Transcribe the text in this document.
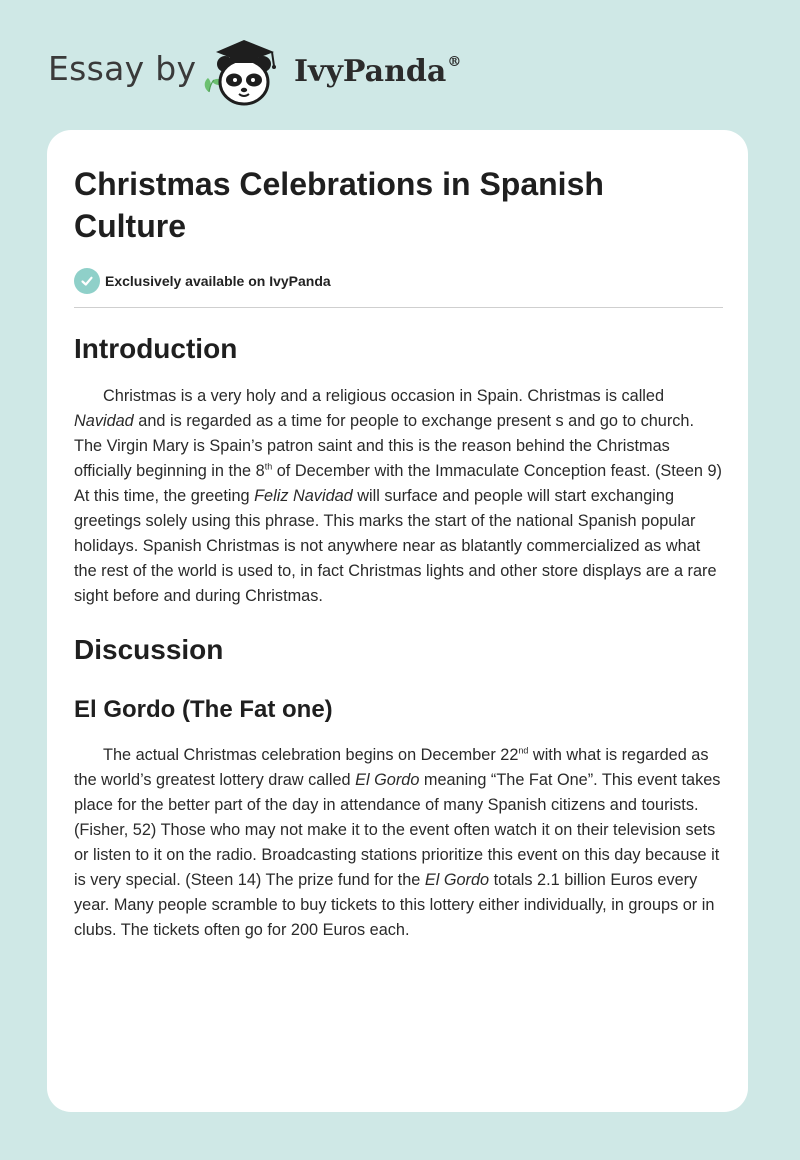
Essay by	IvyPanda®
Christmas Celebrations in Spanish Culture
Exclusively available on IvyPanda
Introduction

Christmas is a very holy and a religious occasion in Spain. Christmas is called Navidad and is regarded as a time for people to exchange present s and go to church. The Virgin Mary is Spain’s patron saint and this is the reason behind the Christmas officially beginning in the 8th of December with the Immaculate Conception feast. (Steen 9) At this time, the greeting Feliz Navidad will surface and people will start exchanging greetings solely using this phrase. This marks the start of the national Spanish popular holidays. Spanish Christmas is not anywhere near as blatantly commercialized as what the rest of the world is used to, in fact Christmas lights and other store displays are a rare sight before and during Christmas.

Discussion
El Gordo (The Fat one)

The actual Christmas celebration begins on December 22nd with what is regarded as the world’s greatest lottery draw called El Gordo meaning “The Fat One”. This event takes place for the better part of the day in attendance of many Spanish citizens and tourists. (Fisher, 52) Those who may not make it to the event often watch it on their television sets or listen to it on the radio. Broadcasting stations prioritize this event on this day because it is very special. (Steen 14) The prize fund for the El Gordo totals 2.1 billion Euros every year. Many people scramble to buy tickets to this lottery either individually, in groups or in clubs. The tickets often go for 200 Euros each.
